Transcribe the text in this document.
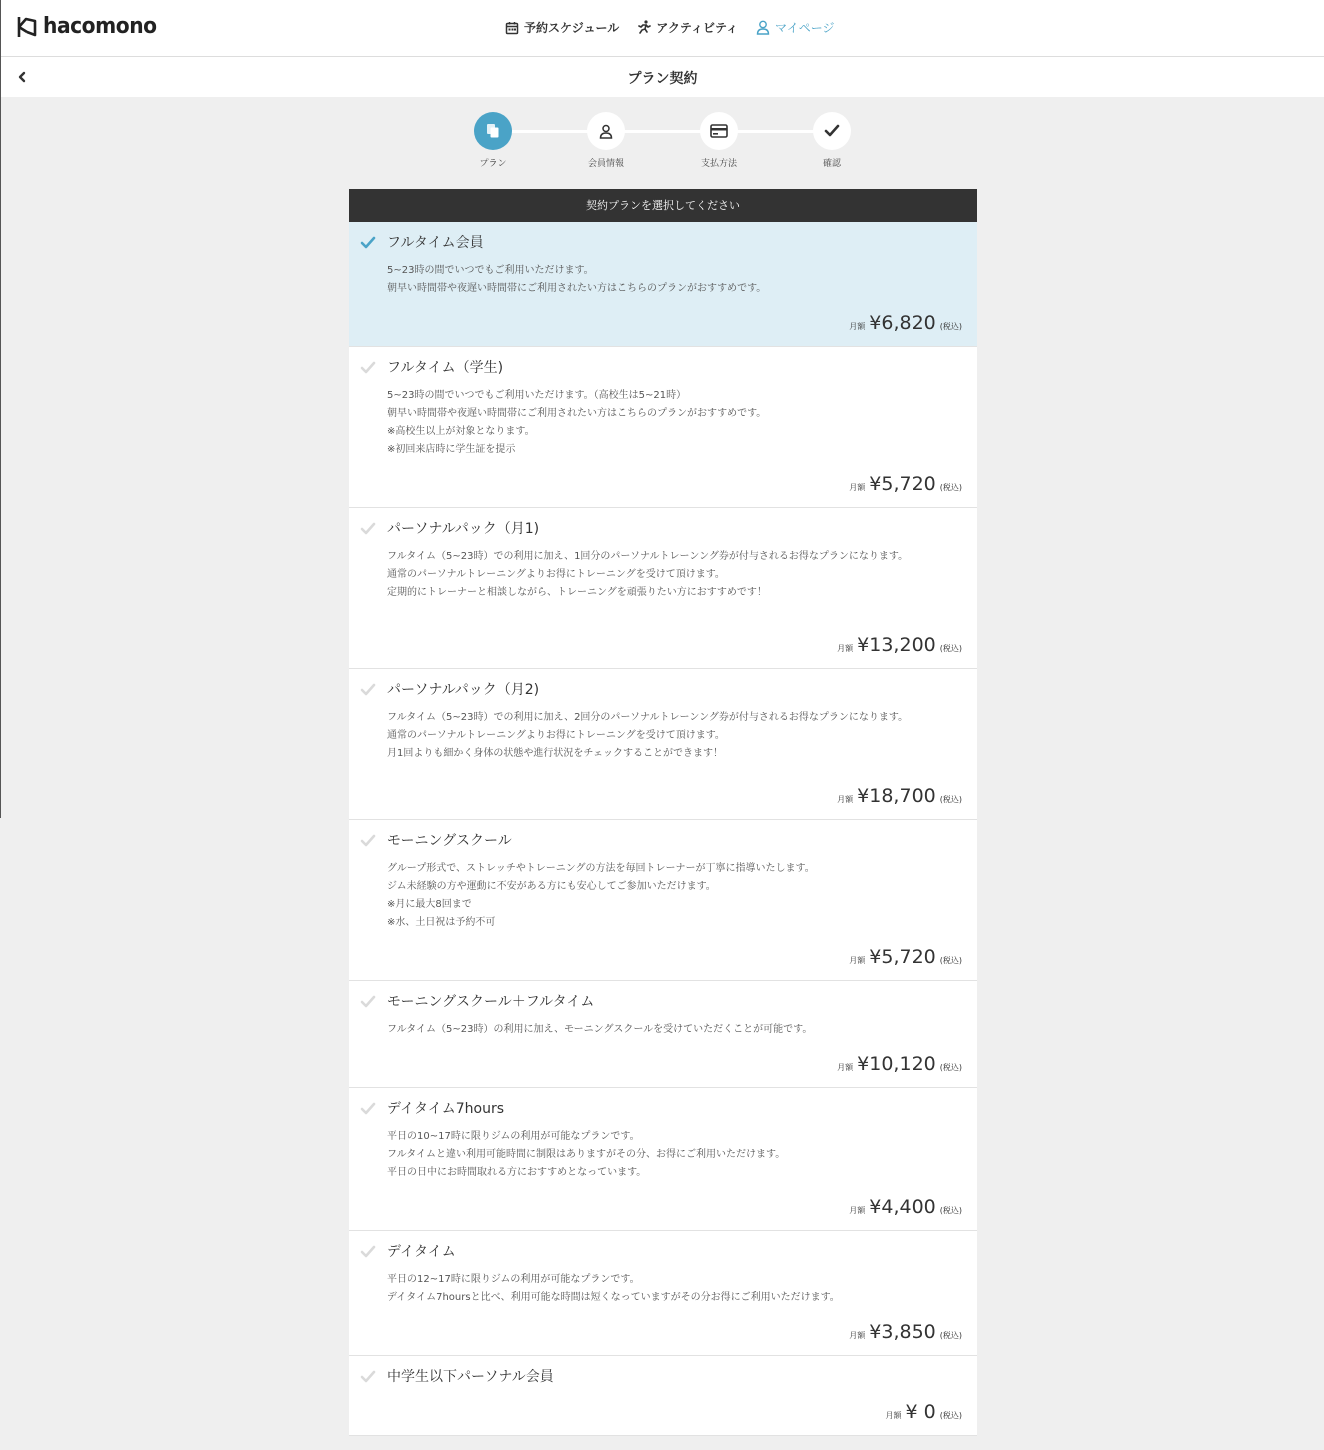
hacomono	予約スケジュール	アクティビティ	マイページ
プラン契約
プラン	会員情報	支払方法	確認
契約プランを選択してください
フルタイム会員
5~23時の間でいつでもご利用いただけます。
朝早い時間帯や夜遅い時間帯にご利用されたい方はこちらのプランがおすすめです。
月額 ¥6,820 (税込)
フルタイム（学生)
5~23時の間でいつでもご利用いただけます。（高校生は5~21時）
朝早い時間帯や夜遅い時間帯にご利用されたい方はこちらのプランがおすすめです。
※高校生以上が対象となります。
※初回来店時に学生証を提示
月額 ¥5,720 (税込)
パーソナルパック（月1)
フルタイム（5~23時）での利用に加え、1回分のパーソナルトレーンング券が付与されるお得なプランになります。
通常のパーソナルトレーニングよりお得にトレーニングを受けて頂けます。
定期的にトレーナーと相談しながら、トレーニングを頑張りたい方におすすめです！
月額 ¥13,200 (税込)
パーソナルパック（月2)
フルタイム（5~23時）での利用に加え、2回分のパーソナルトレーンング券が付与されるお得なプランになります。
通常のパーソナルトレーニングよりお得にトレーニングを受けて頂けます。
月1回よりも細かく身体の状態や進行状況をチェックすることができます！
月額 ¥18,700 (税込)
モーニングスクール
グループ形式で、ストレッチやトレーニングの方法を毎回トレーナーが丁寧に指導いたします。
ジム未経験の方や運動に不安がある方にも安心してご参加いただけます。
※月に最大8回まで
※水、土日祝は予約不可
月額 ¥5,720 (税込)
モーニングスクール＋フルタイム
フルタイム（5~23時）の利用に加え、モーニングスクールを受けていただくことが可能です。
月額 ¥10,120 (税込)
デイタイム7hours
平日の10~17時に限りジムの利用が可能なプランです。
フルタイムと違い利用可能時間に制限はありますがその分、お得にご利用いただけます。
平日の日中にお時間取れる方におすすめとなっています。
月額 ¥4,400 (税込)
デイタイム
平日の12~17時に限りジムの利用が可能なプランです。
デイタイム7hoursと比べ、利用可能な時間は短くなっていますがその分お得にご利用いただけます。
月額 ¥3,850 (税込)
中学生以下パーソナル会員
月額 ¥ 0 (税込)
